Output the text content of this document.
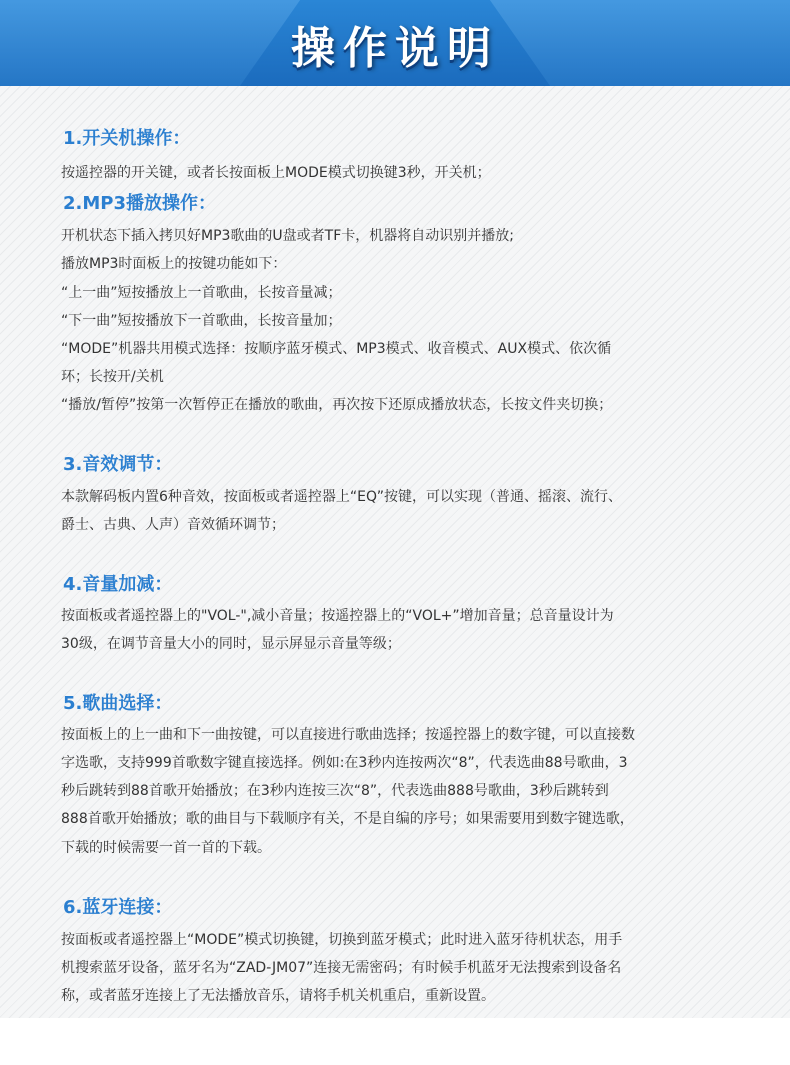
操作说明
1.开关机操作：
按遥控器的开关键，或者长按面板上MODE模式切换键3秒，开关机；
2.MP3播放操作：
开机状态下插入拷贝好MP3歌曲的U盘或者TF卡，机器将自动识别并播放;
播放MP3时面板上的按键功能如下：
“上一曲”短按播放上一首歌曲，长按音量减；
“下一曲”短按播放下一首歌曲，长按音量加；
“MODE”机器共用模式选择：按顺序蓝牙模式、MP3模式、收音模式、AUX模式、依次循
环；长按开/关机
“播放/暂停”按第一次暂停正在播放的歌曲，再次按下还原成播放状态，长按文件夹切换；
3.音效调节：
本款解码板内置6种音效，按面板或者遥控器上“EQ”按键，可以实现（普通、摇滚、流行、
爵士、古典、人声）音效循环调节；
4.音量加减：
按面板或者遥控器上的"VOL-",减小音量；按遥控器上的“VOL+”增加音量；总音量设计为
30级，在调节音量大小的同时，显示屏显示音量等级；
5.歌曲选择：
按面板上的上一曲和下一曲按键，可以直接进行歌曲选择；按遥控器上的数字键，可以直接数
字选歌，支持999首歌数字键直接选择。例如:在3秒内连按两次“8”，代表选曲88号歌曲，3
秒后跳转到88首歌开始播放；在3秒内连按三次“8”，代表选曲888号歌曲，3秒后跳转到
888首歌开始播放；歌的曲目与下载顺序有关，不是自编的序号；如果需要用到数字键选歌，
下载的时候需要一首一首的下载。
6.蓝牙连接：
按面板或者遥控器上“MODE”模式切换键，切换到蓝牙模式；此时进入蓝牙待机状态，用手
机搜索蓝牙设备，蓝牙名为“ZAD-JM07”连接无需密码；有时候手机蓝牙无法搜索到设备名
称，或者蓝牙连接上了无法播放音乐，请将手机关机重启，重新设置。
